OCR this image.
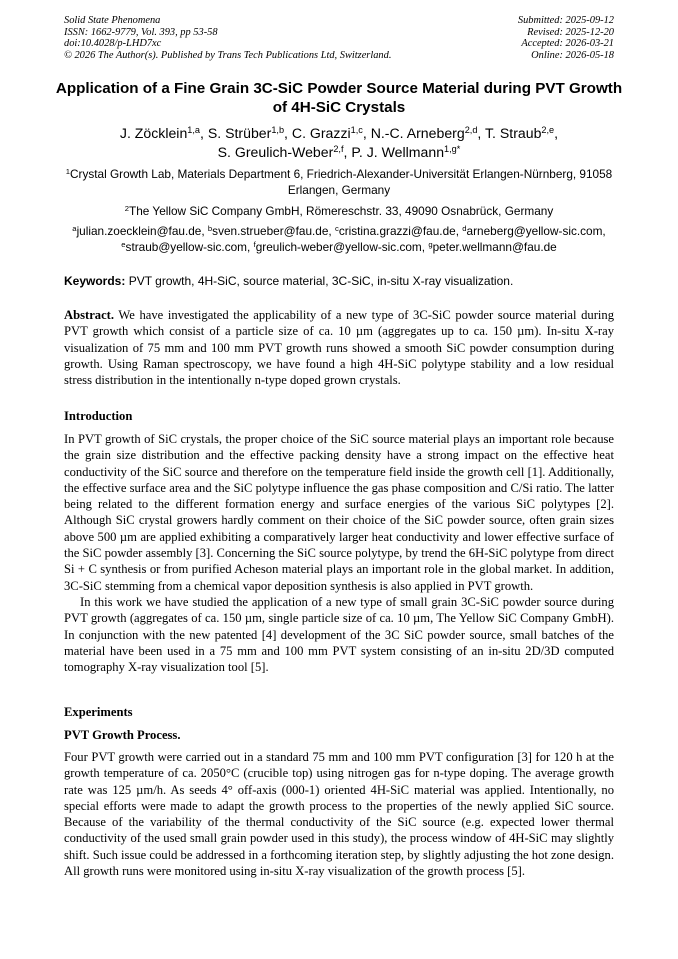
Solid State Phenomena
ISSN: 1662-9779, Vol. 393, pp 53-58
doi:10.4028/p-LHD7xc
© 2026 The Author(s). Published by Trans Tech Publications Ltd, Switzerland.
Submitted: 2025-09-12
Revised: 2025-12-20
Accepted: 2026-03-21
Online: 2026-05-18
Application of a Fine Grain 3C-SiC Powder Source Material during PVT Growth of 4H-SiC Crystals
J. Zöcklein$^{1,a}$, S. Strüber$^{1,b}$, C. Grazzi$^{1,c}$, N.-C. Arneberg$^{2,d}$, T. Straub$^{2,e}$,
S. Greulich-Weber$^{2,f}$, P. J. Wellmann$^{1,g*}$
$^1$Crystal Growth Lab, Materials Department 6, Friedrich-Alexander-Universität Erlangen-Nürnberg, 91058 Erlangen, Germany
$^2$The Yellow SiC Company GmbH, Römereschstr. 33, 49090 Osnabrück, Germany
$^a$julian.zoecklein@fau.de, $^b$sven.strueber@fau.de, $^c$cristina.grazzi@fau.de, $^d$arneberg@yellow-sic.com, $^e$straub@yellow-sic.com, $^f$greulich-weber@yellow-sic.com, $^g$peter.wellmann@fau.de
Keywords: PVT growth, 4H-SiC, source material, 3C-SiC, in-situ X-ray visualization.
Abstract. We have investigated the applicability of a new type of 3C-SiC powder source material during PVT growth which consist of a particle size of ca. 10 µm (aggregates up to ca. 150 µm). In-situ X-ray visualization of 75 mm and 100 mm PVT growth runs showed a smooth SiC powder consumption during growth. Using Raman spectroscopy, we have found a high 4H-SiC polytype stability and a low residual stress distribution in the intentionally n-type doped grown crystals.
Introduction

In PVT growth of SiC crystals, the proper choice of the SiC source material plays an important role because the grain size distribution and the effective packing density have a strong impact on the effective heat conductivity of the SiC source and therefore on the temperature field inside the growth cell [1]. Additionally, the effective surface area and the SiC polytype influence the gas phase composition and C/Si ratio. The latter being related to the different formation energy and surface energies of the various SiC polytypes [2]. Although SiC crystal growers hardly comment on their choice of the SiC powder source, often grain sizes above 500 µm are applied exhibiting a comparatively larger heat conductivity and lower effective surface of the SiC powder assembly [3]. Concerning the SiC source polytype, by trend the 6H-SiC polytype from direct Si + C synthesis or from purified Acheson material plays an important role in the global market. In addition, 3C-SiC stemming from a chemical vapor deposition synthesis is also applied in PVT growth.

In this work we have studied the application of a new type of small grain 3C-SiC powder source during PVT growth (aggregates of ca. 150 µm, single particle size of ca. 10 µm, The Yellow SiC Company GmbH). In conjunction with the new patented [4] development of the 3C SiC powder source, small batches of the material have been used in a 75 mm and 100 mm PVT system consisting of an in-situ 2D/3D computed tomography X-ray visualization tool [5].

Experiments
PVT Growth Process.

Four PVT growth were carried out in a standard 75 mm and 100 mm PVT configuration [3] for 120 h at the growth temperature of ca. 2050°C (crucible top) using nitrogen gas for n-type doping. The average growth rate was 125 µm/h. As seeds 4° off-axis (000-1) oriented 4H-SiC material was applied. Intentionally, no special efforts were made to adapt the growth process to the properties of the newly applied SiC source. Because of the variability of the thermal conductivity of the SiC source (e.g. expected lower thermal conductivity of the used small grain powder used in this study), the process window of 4H-SiC may slightly shift. Such issue could be addressed in a forthcoming iteration step, by slightly adjusting the hot zone design. All growth runs were monitored using in-situ X-ray visualization of the growth process [5].
